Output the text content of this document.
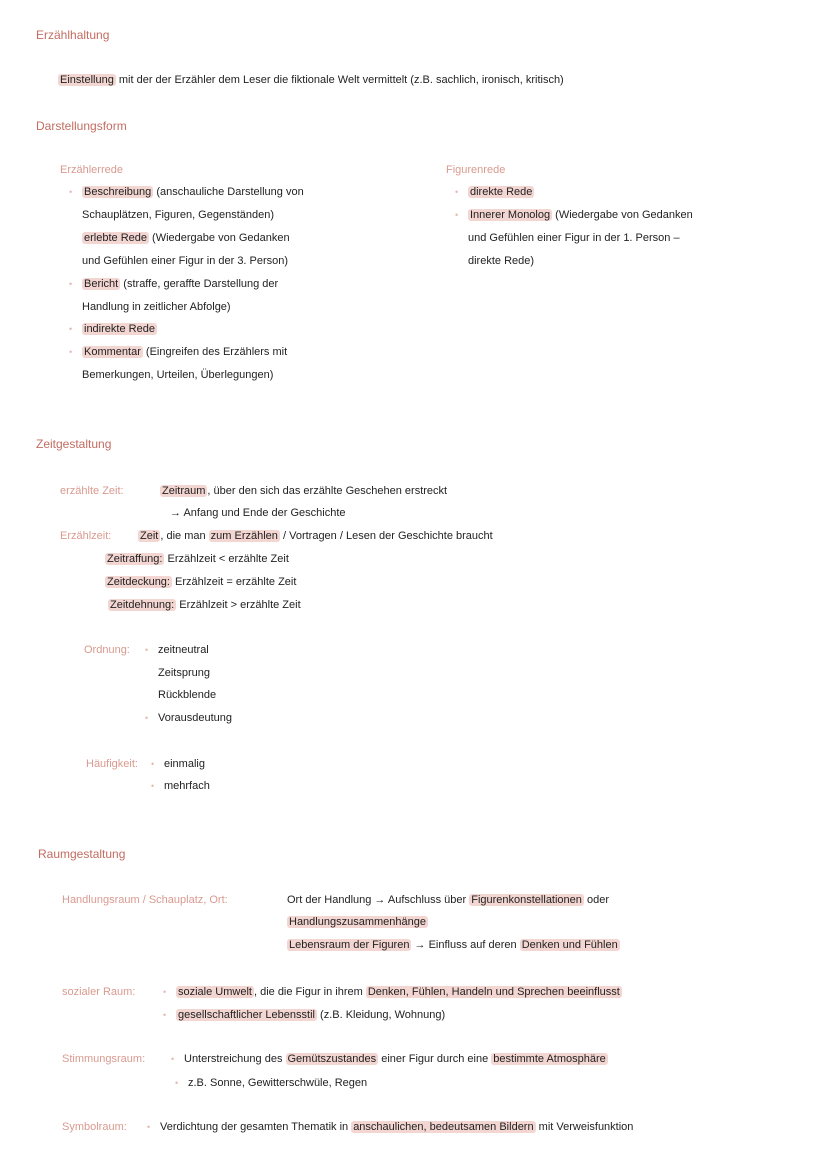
Erzählhaltung
Einstellung mit der der Erzähler dem Leser die fiktionale Welt vermittelt (z.B. sachlich, ironisch, kritisch)
Darstellungsform
Erzählerrede
• Beschreibung (anschauliche Darstellung von
Schauplätzen, Figuren, Gegenständen)
erlebte Rede (Wiedergabe von Gedanken
und Gefühlen einer Figur in der 3. Person)
• Bericht (straffe, geraffte Darstellung der
Handlung in zeitlicher Abfolge)
• indirekte Rede
• Kommentar (Eingreifen des Erzählers mit
Bemerkungen, Urteilen, Überlegungen)
Figurenrede
• direkte Rede
• Innerer Monolog (Wiedergabe von Gedanken
und Gefühlen einer Figur in der 1. Person –
direkte Rede)
Zeitgestaltung
erzählte Zeit:	Zeitraum , über den sich das erzählte Geschehen erstreckt
→ Anfang und Ende der Geschichte
Erzählzeit:	Zeit , die man zum Erzählen / Vortragen / Lesen der Geschichte braucht
Zeitraffung: Erzählzeit < erzählte Zeit
Zeitdeckung: Erzählzeit = erzählte Zeit
Zeitdehnung: Erzählzeit > erzählte Zeit
Ordnung:	• zeitneutral
Zeitsprung
Rückblende
• Vorausdeutung
Häufigkeit: • einmalig
• mehrfach
Raumgestaltung
Handlungsraum / Schauplatz, Ort:	Ort der Handlung → Aufschluss über Figurenkonstellationen oder
Handlungszusammenhänge
Lebensraum der Figuren → Einfluss auf deren Denken und Fühlen
sozialer Raum:	• soziale Umwelt , die die Figur in ihrem Denken, Fühlen, Handeln und Sprechen beeinflusst
• gesellschaftlicher Lebensstil (z.B. Kleidung, Wohnung)
Stimmungsraum:	• Unterstreichung des Gemütszustandes einer Figur durch eine bestimmte Atmosphäre
• z.B. Sonne, Gewitterschwüle, Regen
Symbolraum:	• Verdichtung der gesamten Thematik in anschaulichen, bedeutsamen Bildern mit Verweisfunktion
